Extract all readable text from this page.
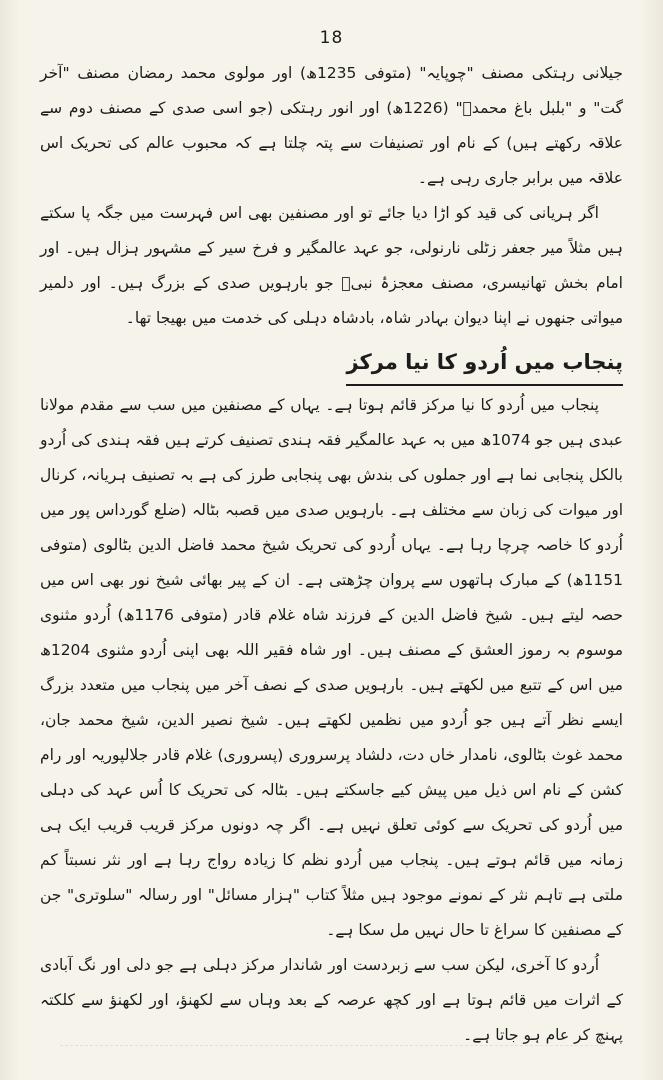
18

جیلانی رہتکی مصنف "چوپایہ" (متوفی 1235ھ) اور مولوی محمد رمضان مصنف "آخر گت" و "بلبل باغ محمدؐ" (1226ھ) اور انور رہتکی (جو اسی صدی کے مصنف دوم سے علاقہ رکھتے ہیں) کے نام اور تصنیفات سے پتہ چلتا ہے کہ محبوب عالم کی تحریک اس علاقہ میں برابر جاری رہی ہے۔

اگر ہریانی کی قید کو اڑا دیا جائے تو اور مصنفین بھی اس فہرست میں جگہ پا سکتے ہیں مثلاً میر جعفر زٹلی نارنولی، جو عہد عالمگیر و فرخ سیر کے مشہور ہزال ہیں۔ اور امام بخش تھانیسری، مصنف معجزۂ نبیؐ جو بارہویں صدی کے بزرگ ہیں۔ اور دلمیر میواتی جنھوں نے اپنا دیوان بہادر شاہ، بادشاہ دہلی کی خدمت میں بھیجا تھا۔

پنجاب میں اُردو کا نیا مرکز

پنجاب میں اُردو کا نیا مرکز قائم ہوتا ہے۔ یہاں کے مصنفین میں سب سے مقدم مولانا عبدی ہیں جو 1074ھ میں بہ عہد عالمگیر فقہ ہندی تصنیف کرتے ہیں فقہ ہندی کی اُردو بالکل پنجابی نما ہے اور جملوں کی بندش بھی پنجابی طرز کی ہے بہ تصنیف ہریانہ، کرنال اور میوات کی زبان سے مختلف ہے۔ بارہویں صدی میں قصبہ بٹالہ (ضلع گورداس پور میں اُردو کا خاصہ چرچا رہا ہے۔ یہاں اُردو کی تحریک شیخ محمد فاضل الدین بٹالوی (متوفی 1151ھ) کے مبارک ہاتھوں سے پروان چڑھتی ہے۔ ان کے پیر بھائی شیخ نور بھی اس میں حصہ لیتے ہیں۔ شیخ فاضل الدین کے فرزند شاہ غلام قادر (متوفی 1176ھ) اُردو مثنوی موسوم بہ رموز العشق کے مصنف ہیں۔ اور شاہ فقیر اللہ بھی اپنی اُردو مثنوی 1204ھ میں اس کے تتبع میں لکھتے ہیں۔ بارہویں صدی کے نصف آخر میں پنجاب میں متعدد بزرگ ایسے نظر آتے ہیں جو اُردو میں نظمیں لکھتے ہیں۔ شیخ نصیر الدین، شیخ محمد جان، محمد غوث بٹالوی، نامدار خاں دت، دلشاد پرسروری (پسروری) غلام قادر جلالپوریہ اور رام کشن کے نام اس ذیل میں پیش کیے جاسکتے ہیں۔ بٹالہ کی تحریک کا اُس عہد کی دہلی میں اُردو کی تحریک سے کوئی تعلق نہیں ہے۔ اگر چہ دونوں مرکز قریب قریب ایک ہی زمانہ میں قائم ہوتے ہیں۔ پنجاب میں اُردو نظم کا زیادہ رواج رہا ہے اور نثر نسبتاً کم ملتی ہے تاہم نثر کے نمونے موجود ہیں مثلاً کتاب "ہزار مسائل" اور رسالہ "سلوتری" جن کے مصنفین کا سراغ تا حال نہیں مل سکا ہے۔

اُردو کا آخری، لیکن سب سے زبردست اور شاندار مرکز دہلی ہے جو دلی اور نگ آبادی کے اثرات میں قائم ہوتا ہے اور کچھ عرصہ کے بعد وہاں سے لکھنؤ، اور لکھنؤ سے کلکتہ پہنچ کر عام ہو جاتا ہے۔
